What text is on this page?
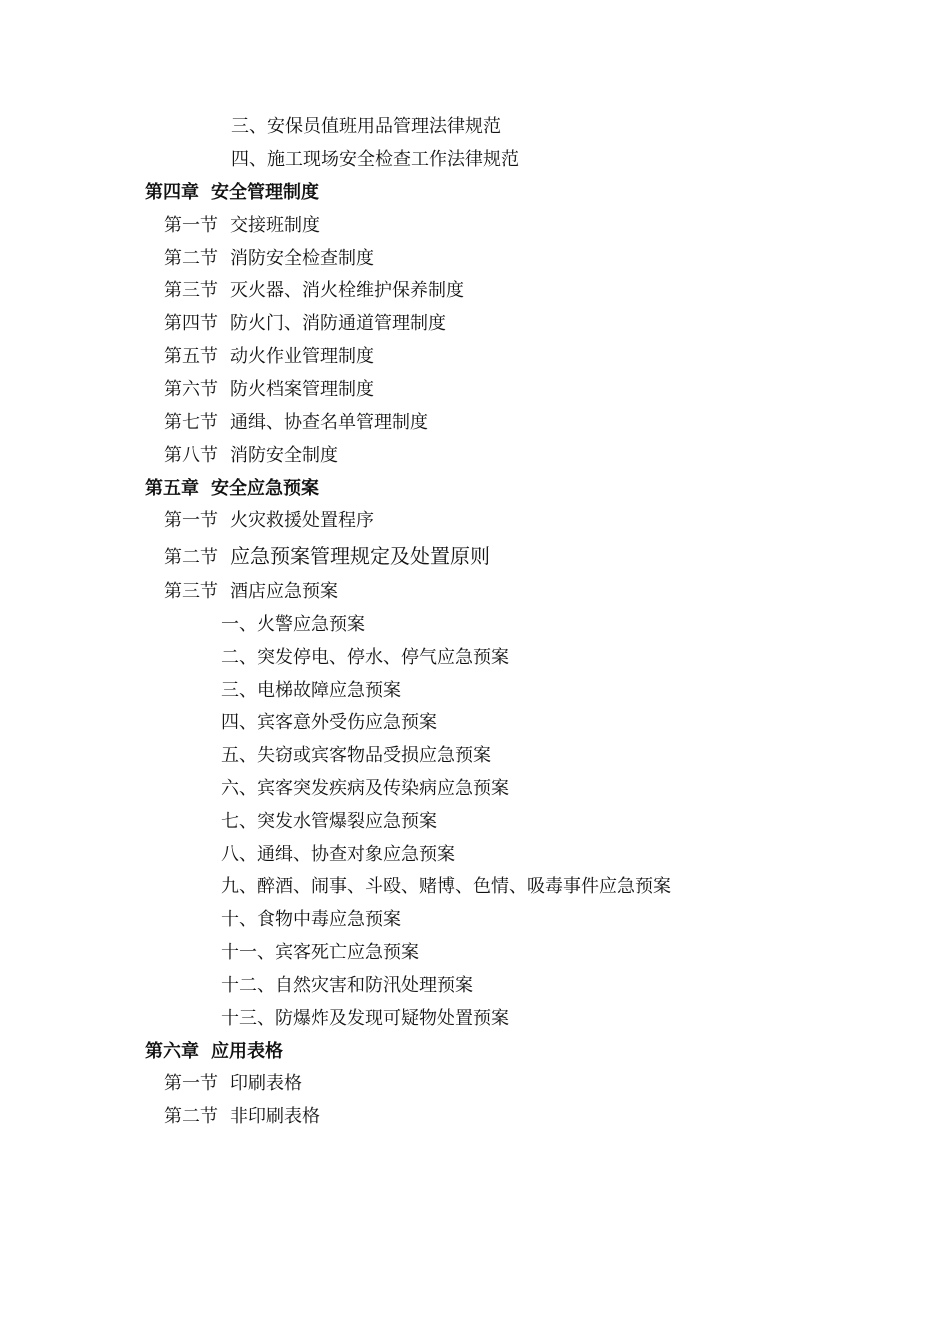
三、安保员值班用品管理法律规范
四、施工现场安全检查工作法律规范
第四章 安全管理制度
第一节 交接班制度
第二节 消防安全检查制度
第三节 灭火器、消火栓维护保养制度
第四节 防火门、消防通道管理制度
第五节 动火作业管理制度
第六节 防火档案管理制度
第七节 通缉、协查名单管理制度
第八节 消防安全制度
第五章 安全应急预案
第一节 火灾救援处置程序
第二节 应急预案管理规定及处置原则
第三节 酒店应急预案
一、火警应急预案
二、突发停电、停水、停气应急预案
三、电梯故障应急预案
四、宾客意外受伤应急预案
五、失窃或宾客物品受损应急预案
六、宾客突发疾病及传染病应急预案
七、突发水管爆裂应急预案
八、通缉、协查对象应急预案
九、醉酒、闹事、斗殴、赌博、色情、吸毒事件应急预案
十、食物中毒应急预案
十一、宾客死亡应急预案
十二、自然灾害和防汛处理预案
十三、防爆炸及发现可疑物处置预案
第六章 应用表格
第一节 印刷表格
第二节 非印刷表格
